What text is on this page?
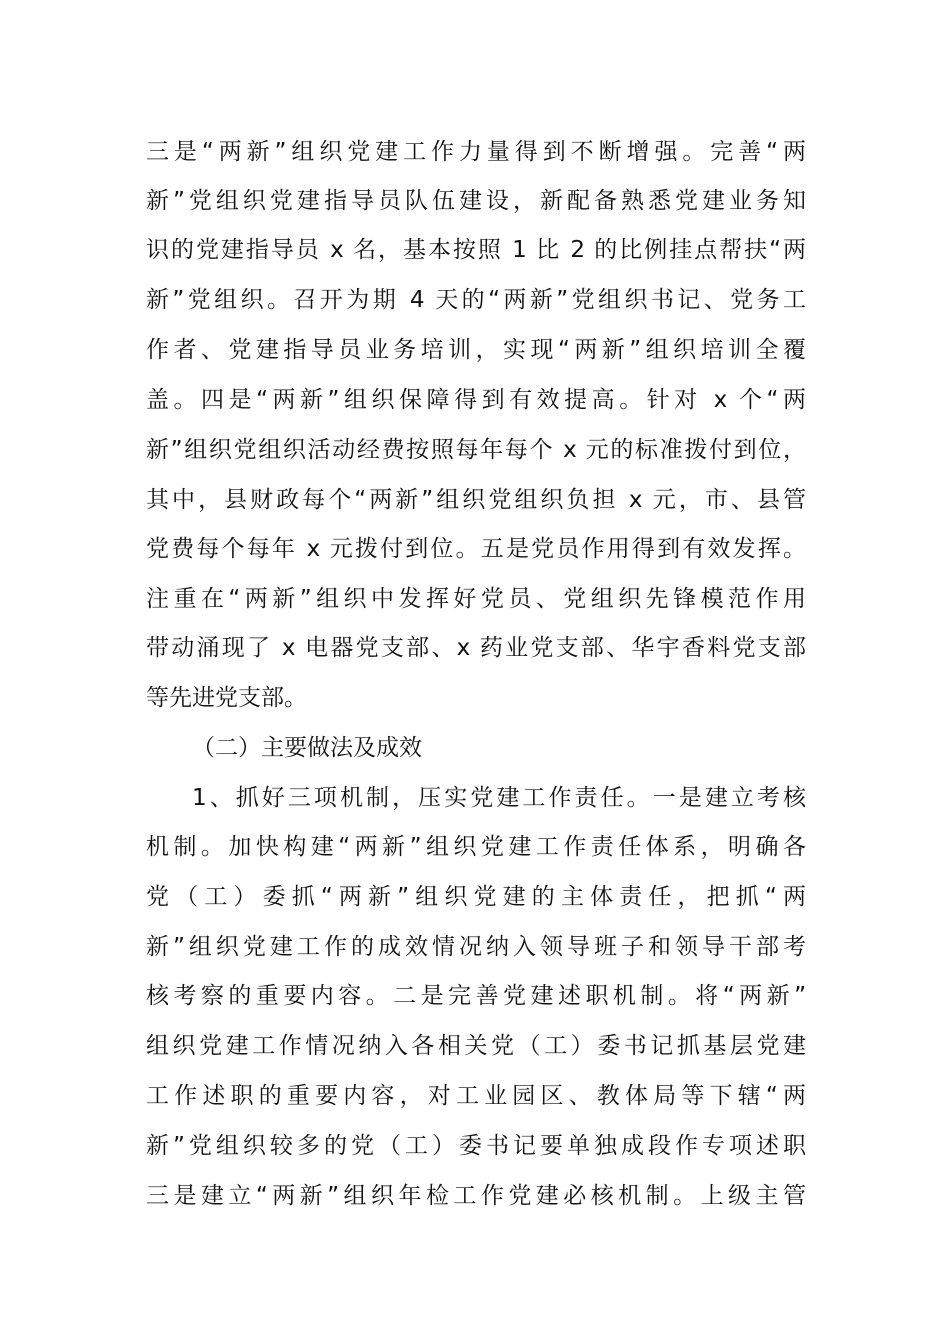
三是“两新”组织党建工作力量得到不断增强。完善“两
新”党组织党建指导员队伍建设，新配备熟悉党建业务知
识的党建指导员 x 名，基本按照 1 比 2 的比例挂点帮扶“两
新”党组织。召开为期 4 天的“两新”党组织书记、党务工
作者、党建指导员业务培训，实现“两新”组织培训全覆
盖。四是“两新”组织保障得到有效提高。针对 x 个“两
新”组织党组织活动经费按照每年每个 x 元的标准拨付到位，
其中，县财政每个“两新”组织党组织负担 x 元，市、县管
党费每个每年 x 元拨付到位。五是党员作用得到有效发挥。
注重在“两新”组织中发挥好党员、党组织先锋模范作用
带动涌现了 x 电器党支部、x 药业党支部、华宇香料党支部
等先进党支部。
（二）主要做法及成效
1、抓好三项机制，压实党建工作责任。一是建立考核
机制。加快构建“两新”组织党建工作责任体系，明确各
党（工）委抓“两新”组织党建的主体责任，把抓“两
新”组织党建工作的成效情况纳入领导班子和领导干部考
核考察的重要内容。二是完善党建述职机制。将“两新”
组织党建工作情况纳入各相关党（工）委书记抓基层党建
工作述职的重要内容，对工业园区、教体局等下辖“两
新”党组织较多的党（工）委书记要单独成段作专项述职
三是建立“两新”组织年检工作党建必核机制。上级主管
